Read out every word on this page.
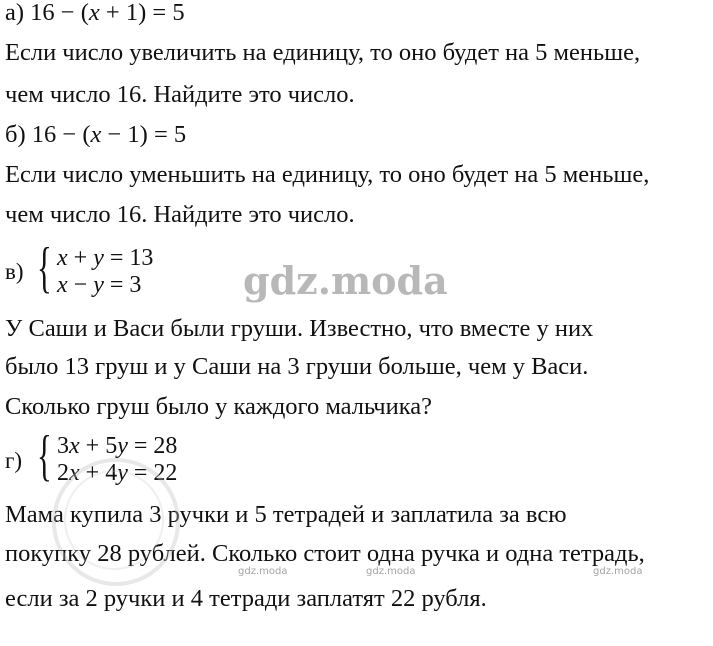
а) 16 − (x + 1) = 5
Если число увеличить на единицу, то оно будет на 5 меньше,
чем число 16. Найдите это число.
б) 16 − (x − 1) = 5
Если число уменьшить на единицу, то оно будет на 5 меньше,
чем число 16. Найдите это число.
в) { x + y = 13
x − y = 3
У Саши и Васи были груши. Известно, что вместе у них
было 13 груш и у Саши на 3 груши больше, чем у Васи.
Сколько груш было у каждого мальчика?
г) { 3x + 5y = 28
2x + 4y = 22
Мама купила 3 ручки и 5 тетрадей и заплатила за всю
покупку 28 рублей. Сколько стоит одна ручка и одна тетрадь,
если за 2 ручки и 4 тетради заплатят 22 рубля.
gdz.moda
gdz.moda	gdz.moda	gdz.moda
